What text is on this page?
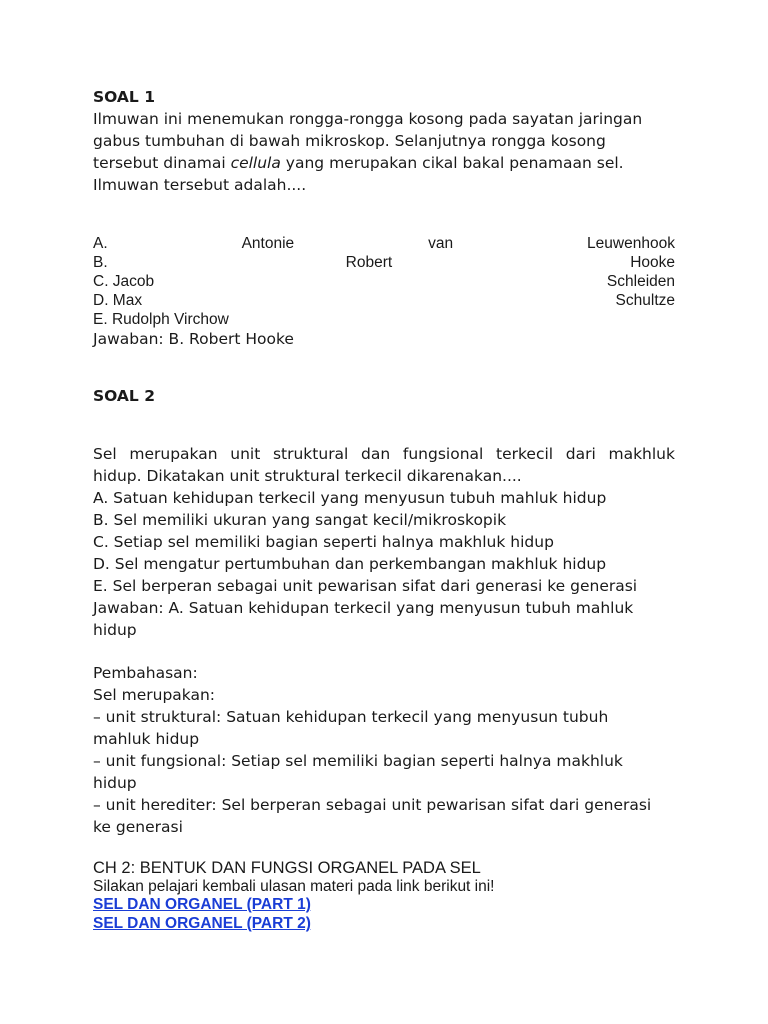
SOAL 1
Ilmuwan ini menemukan rongga-rongga kosong pada sayatan jaringan
gabus tumbuhan di bawah mikroskop. Selanjutnya rongga kosong
tersebut dinamai cellula yang merupakan cikal bakal penamaan sel.
Ilmuwan tersebut adalah....
A.	Antonie	van	Leuwenhook
B.	Robert	Hooke
C. Jacob	Schleiden
D. Max	Schultze
E. Rudolph Virchow
Jawaban: B. Robert Hooke
SOAL 2
Sel merupakan unit struktural dan fungsional terkecil dari makhluk
hidup. Dikatakan unit struktural terkecil dikarenakan....
A. Satuan kehidupan terkecil yang menyusun tubuh mahluk hidup
B. Sel memiliki ukuran yang sangat kecil/mikroskopik
C. Setiap sel memiliki bagian seperti halnya makhluk hidup
D. Sel mengatur pertumbuhan dan perkembangan makhluk hidup
E. Sel berperan sebagai unit pewarisan sifat dari generasi ke generasi
Jawaban: A. Satuan kehidupan terkecil yang menyusun tubuh mahluk
hidup
Pembahasan:
Sel merupakan:
– unit struktural: Satuan kehidupan terkecil yang menyusun tubuh
mahluk hidup
– unit fungsional: Setiap sel memiliki bagian seperti halnya makhluk
hidup
– unit herediter: Sel berperan sebagai unit pewarisan sifat dari generasi
ke generasi
CH 2: BENTUK DAN FUNGSI ORGANEL PADA SEL
Silakan pelajari kembali ulasan materi pada link berikut ini!
SEL DAN ORGANEL (PART 1)
SEL DAN ORGANEL (PART 2)
